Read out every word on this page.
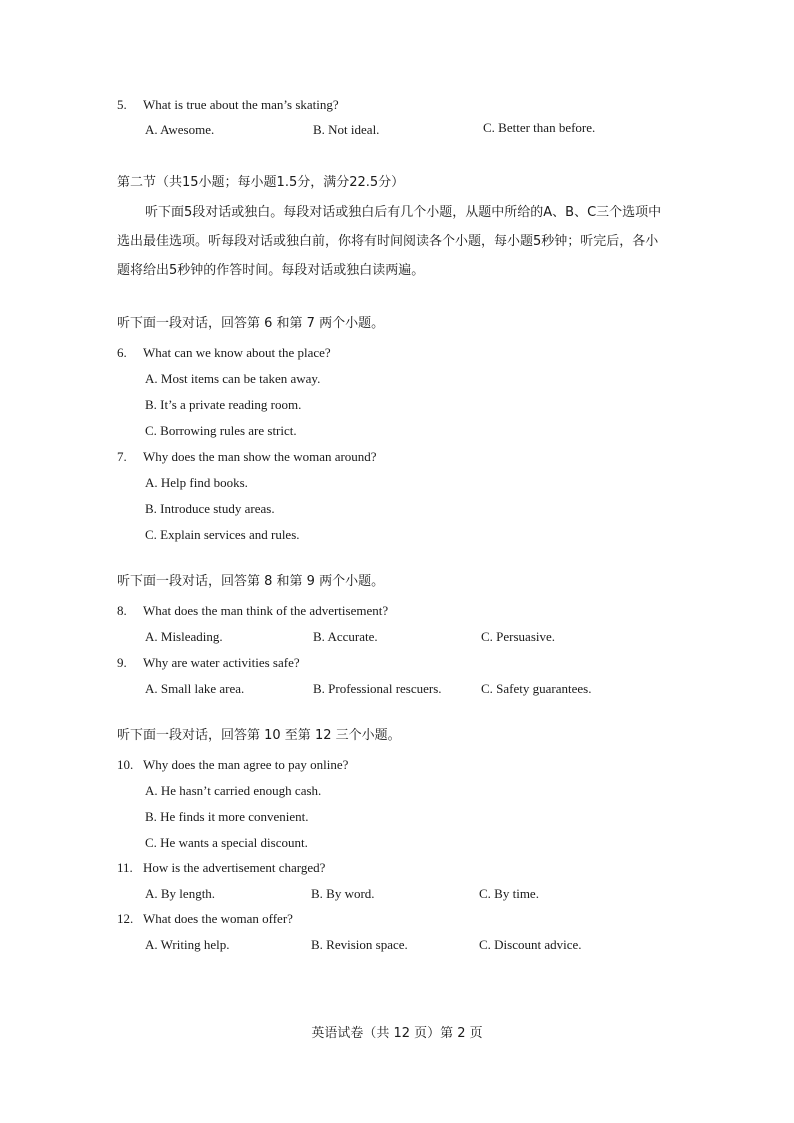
5. What is true about the man’s skating?
A. Awesome.	B. Not ideal.	C. Better than before.
第二节（共15小题；每小题1.5分，满分22.5分）
听下面5段对话或独白。每段对话或独白后有几个小题，从题中所给的A、B、C三个选项中
选出最佳选项。听每段对话或独白前，你将有时间阅读各个小题，每小题5秒钟；听完后，各小
题将给出5秒钟的作答时间。每段对话或独白读两遍。
听下面一段对话，回答第 6 和第 7 两个小题。
6. What can we know about the place?
A. Most items can be taken away.
B. It’s a private reading room.
C. Borrowing rules are strict.
7. Why does the man show the woman around?
A. Help find books.
B. Introduce study areas.
C. Explain services and rules.
听下面一段对话，回答第 8 和第 9 两个小题。
8. What does the man think of the advertisement?
A. Misleading.	B. Accurate.	C. Persuasive.
9. Why are water activities safe?
A. Small lake area.	B. Professional rescuers.	C. Safety guarantees.
听下面一段对话，回答第 10 至第 12 三个小题。
10. Why does the man agree to pay online?
A. He hasn’t carried enough cash.
B. He finds it more convenient.
C. He wants a special discount.
11. How is the advertisement charged?
A. By length.	B. By word.	C. By time.
12. What does the woman offer?
A. Writing help.	B. Revision space.	C. Discount advice.
英语试卷（共 12 页）第 2 页
